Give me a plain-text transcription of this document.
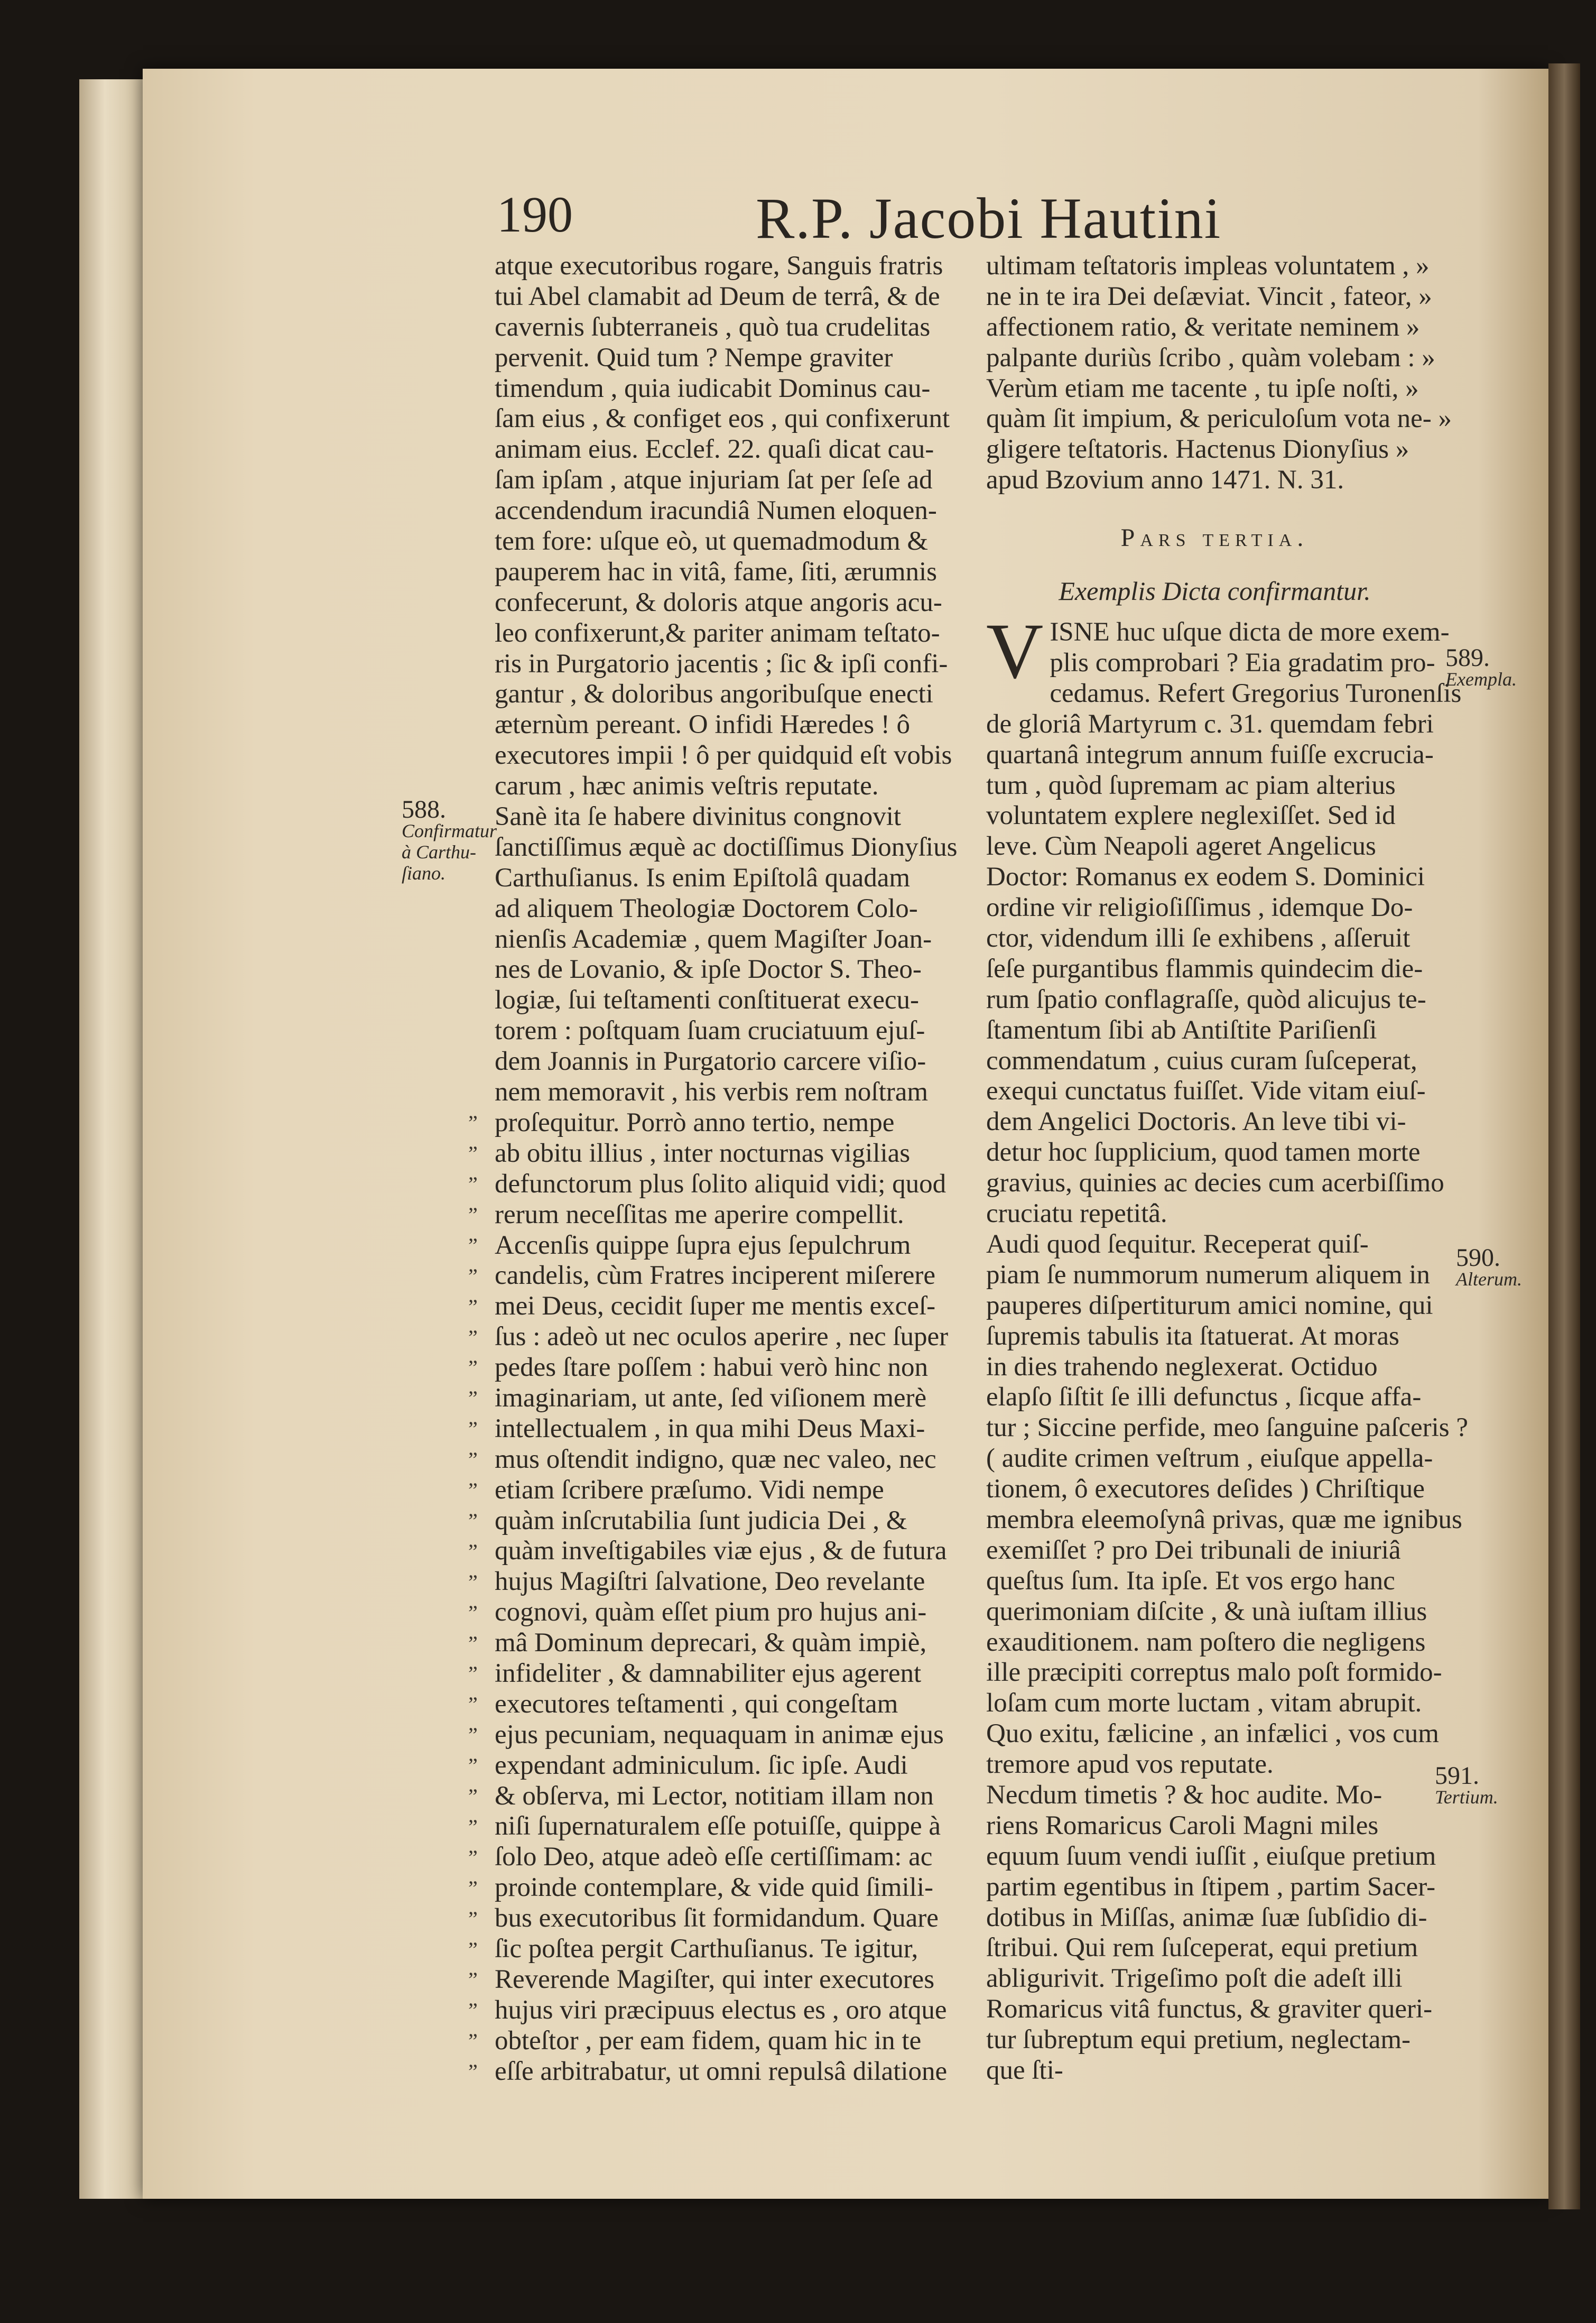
190	R.P. Jacobi Hautini
588.
Confirmatur
à Carthu-
ſiano.
atque executoribus rogare, Sanguis fratris
tui Abel clamabit ad Deum de terrâ, & de
cavernis ſubterraneis , quò tua crudelitas
pervenit. Quid tum ? Nempe graviter
timendum , quia iudicabit Dominus cau-
ſam eius , & configet eos , qui confixerunt
animam eius. Ecclef. 22. quaſi dicat cau-
ſam ipſam , atque injuriam ſat per ſeſe ad
accendendum iracundiâ Numen eloquen-
tem fore: uſque eò, ut quemadmodum &
pauperem hac in vitâ, fame, ſiti, ærumnis
confecerunt, & doloris atque angoris acu-
leo confixerunt,& pariter animam teſtato-
ris in Purgatorio jacentis ; ſic & ipſi confi-
gantur , & doloribus angoribuſque enecti
æternùm pereant. O infidi Hæredes ! ô
executores impii ! ô per quidquid eſt vobis
carum , hæc animis veſtris reputate.
Sanè ita ſe habere divinitus congnovit
ſanctiſſimus æquè ac doctiſſimus Dionyſius
Carthuſianus. Is enim Epiſtolâ quadam
ad aliquem Theologiæ Doctorem Colo-
nienſis Academiæ , quem Magiſter Joan-
nes de Lovanio, & ipſe Doctor S. Theo-
logiæ, ſui teſtamenti conſtituerat execu-
torem : poſtquam ſuam cruciatuum ejuſ-
dem Joannis in Purgatorio carcere viſio-
nem memoravit , his verbis rem noſtram
proſequitur. Porrò anno tertio, nempe
ab obitu illius , inter nocturnas vigilias
defunctorum plus ſolito aliquid vidi; quod
rerum neceſſitas me aperire compellit.
Accenſis quippe ſupra ejus ſepulchrum
candelis, cùm Fratres inciperent miſerere
mei Deus, cecidit ſuper me mentis exceſ-
ſus : adeò ut nec oculos aperire , nec ſuper
pedes ſtare poſſem : habui verò hinc non
imaginariam, ut ante, ſed viſionem merè
intellectualem , in qua mihi Deus Maxi-
mus oſtendit indigno, quæ nec valeo, nec
etiam ſcribere præſumo. Vidi nempe
quàm inſcrutabilia ſunt judicia Dei , &
quàm inveſtigabiles viæ ejus , & de futura
hujus Magiſtri ſalvatione, Deo revelante
cognovi, quàm eſſet pium pro hujus ani-
mâ Dominum deprecari, & quàm impiè,
infideliter , & damnabiliter ejus agerent
executores teſtamenti , qui congeſtam
ejus pecuniam, nequaquam in animæ ejus
expendant adminiculum. ſic ipſe. Audi
& obſerva, mi Lector, notitiam illam non
niſi ſupernaturalem eſſe potuiſſe, quippe à
ſolo Deo, atque adeò eſſe certiſſimam: ac
proinde contemplare, & vide quid ſimili-
bus executoribus ſit formidandum. Quare
ſic poſtea pergit Carthuſianus. Te igitur,
Reverende Magiſter, qui inter executores
hujus viri præcipuus electus es , oro atque
obteſtor , per eam fidem, quam hic in te
eſſe arbitrabatur, ut omni repulsâ dilatione
”
”
”
”
”
”
”
”
”
”
”
”
”
”
”
”
”
”
”
”
”
”
”
”
”
”
”
”
”
”
”
”
ultimam teſtatoris impleas voluntatem , »
ne in te ira Dei deſæviat. Vincit , fateor, »
affectionem ratio, & veritate neminem »
palpante duriùs ſcribo , quàm volebam : »
Verùm etiam me tacente , tu ipſe noſti, »
quàm ſit impium, & periculoſum vota ne- »
gligere teſtatoris. Hactenus Dionyſius »
apud Bzovium anno 1471. N. 31.
Pars tertia.
Exemplis Dicta confirmantur.
V ISNE huc uſque dicta de more exem-
plis comprobari ? Eia gradatim pro-
cedamus. Refert Gregorius Turonenſis
de gloriâ Martyrum c. 31. quemdam febri
quartanâ integrum annum fuiſſe excrucia-
tum , quòd ſupremam ac piam alterius
voluntatem explere neglexiſſet. Sed id
leve. Cùm Neapoli ageret Angelicus
Doctor: Romanus ex eodem S. Dominici
ordine vir religioſiſſimus , idemque Do-
ctor, videndum illi ſe exhibens , aſſeruit
ſeſe purgantibus flammis quindecim die-
rum ſpatio conflagraſſe, quòd alicujus te-
ſtamentum ſibi ab Antiſtite Pariſienſi
commendatum , cuius curam ſuſceperat,
exequi cunctatus fuiſſet. Vide vitam eiuſ-
dem Angelici Doctoris. An leve tibi vi-
detur hoc ſupplicium, quod tamen morte
gravius, quinies ac decies cum acerbiſſimo
cruciatu repetitâ.
Audi quod ſequitur. Receperat quiſ-
piam ſe nummorum numerum aliquem in
pauperes diſpertiturum amici nomine, qui
ſupremis tabulis ita ſtatuerat. At moras
in dies trahendo neglexerat. Octiduo
elapſo ſiſtit ſe illi defunctus , ſicque affa-
tur ; Siccine perfide, meo ſanguine paſceris ?
( audite crimen veſtrum , eiuſque appella-
tionem, ô executores deſides ) Chriſtique
membra eleemoſynâ privas, quæ me ignibus
exemiſſet ? pro Dei tribunali de iniuriâ
queſtus ſum. Ita ipſe. Et vos ergo hanc
querimoniam diſcite , & unà iuſtam illius
exauditionem. nam poſtero die negligens
ille præcipiti correptus malo poſt formido-
loſam cum morte luctam , vitam abrupit.
Quo exitu, fælicine , an infælici , vos cum
tremore apud vos reputate.
Necdum timetis ? & hoc audite. Mo-
riens Romaricus Caroli Magni miles
equum ſuum vendi iuſſit , eiuſque pretium
partim egentibus in ſtipem , partim Sacer-
dotibus in Miſſas, animæ ſuæ ſubſidio di-
ſtribui. Qui rem ſuſceperat, equi pretium
abligurivit. Trigeſimo poſt die adeſt illi
Romaricus vitâ functus, & graviter queri-
tur ſubreptum equi pretium, neglectam-
que ſti-
589.
Exempla.
590.
Alterum.
591.
Tertium.
